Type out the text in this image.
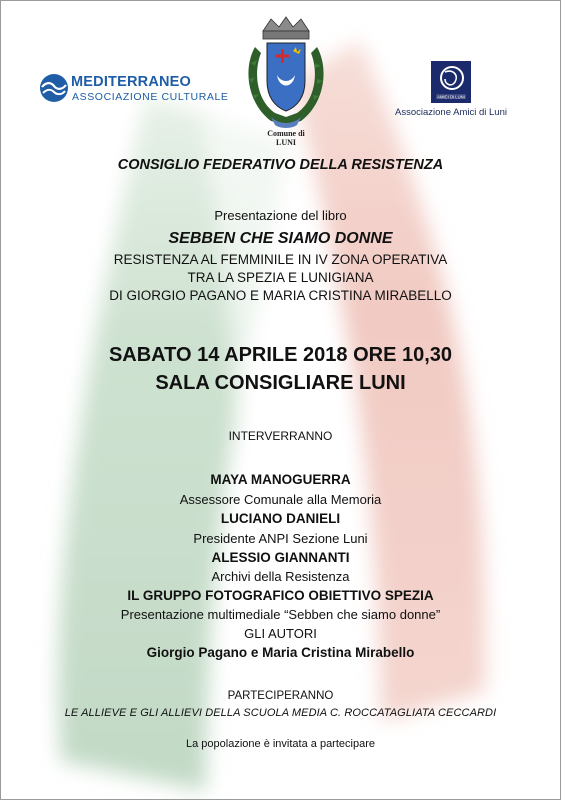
MEDITERRANEO
ASSOCIAZIONE CULTURALE
Comune di
LUNI
AMICI DI LUNI
Associazione Amici di Luni
CONSIGLIO FEDERATIVO DELLA RESISTENZA
Presentazione del libro
SEBBEN CHE SIAMO DONNE
RESISTENZA AL FEMMINILE IN IV ZONA OPERATIVA
TRA LA SPEZIA E LUNIGIANA
DI GIORGIO PAGANO E MARIA CRISTINA MIRABELLO
SABATO 14 APRILE 2018 ORE 10,30
SALA CONSIGLIARE LUNI
INTERVERRANNO
MAYA MANOGUERRA
Assessore Comunale alla Memoria
LUCIANO DANIELI
Presidente ANPI Sezione Luni
ALESSIO GIANNANTI
Archivi della Resistenza
IL GRUPPO FOTOGRAFICO OBIETTIVO SPEZIA
Presentazione multimediale “Sebben che siamo donne”
GLI AUTORI
Giorgio Pagano e Maria Cristina Mirabello
PARTECIPERANNO
LE ALLIEVE E GLI ALLIEVI DELLA SCUOLA MEDIA C. ROCCATAGLIATA CECCARDI
La popolazione è invitata a partecipare
